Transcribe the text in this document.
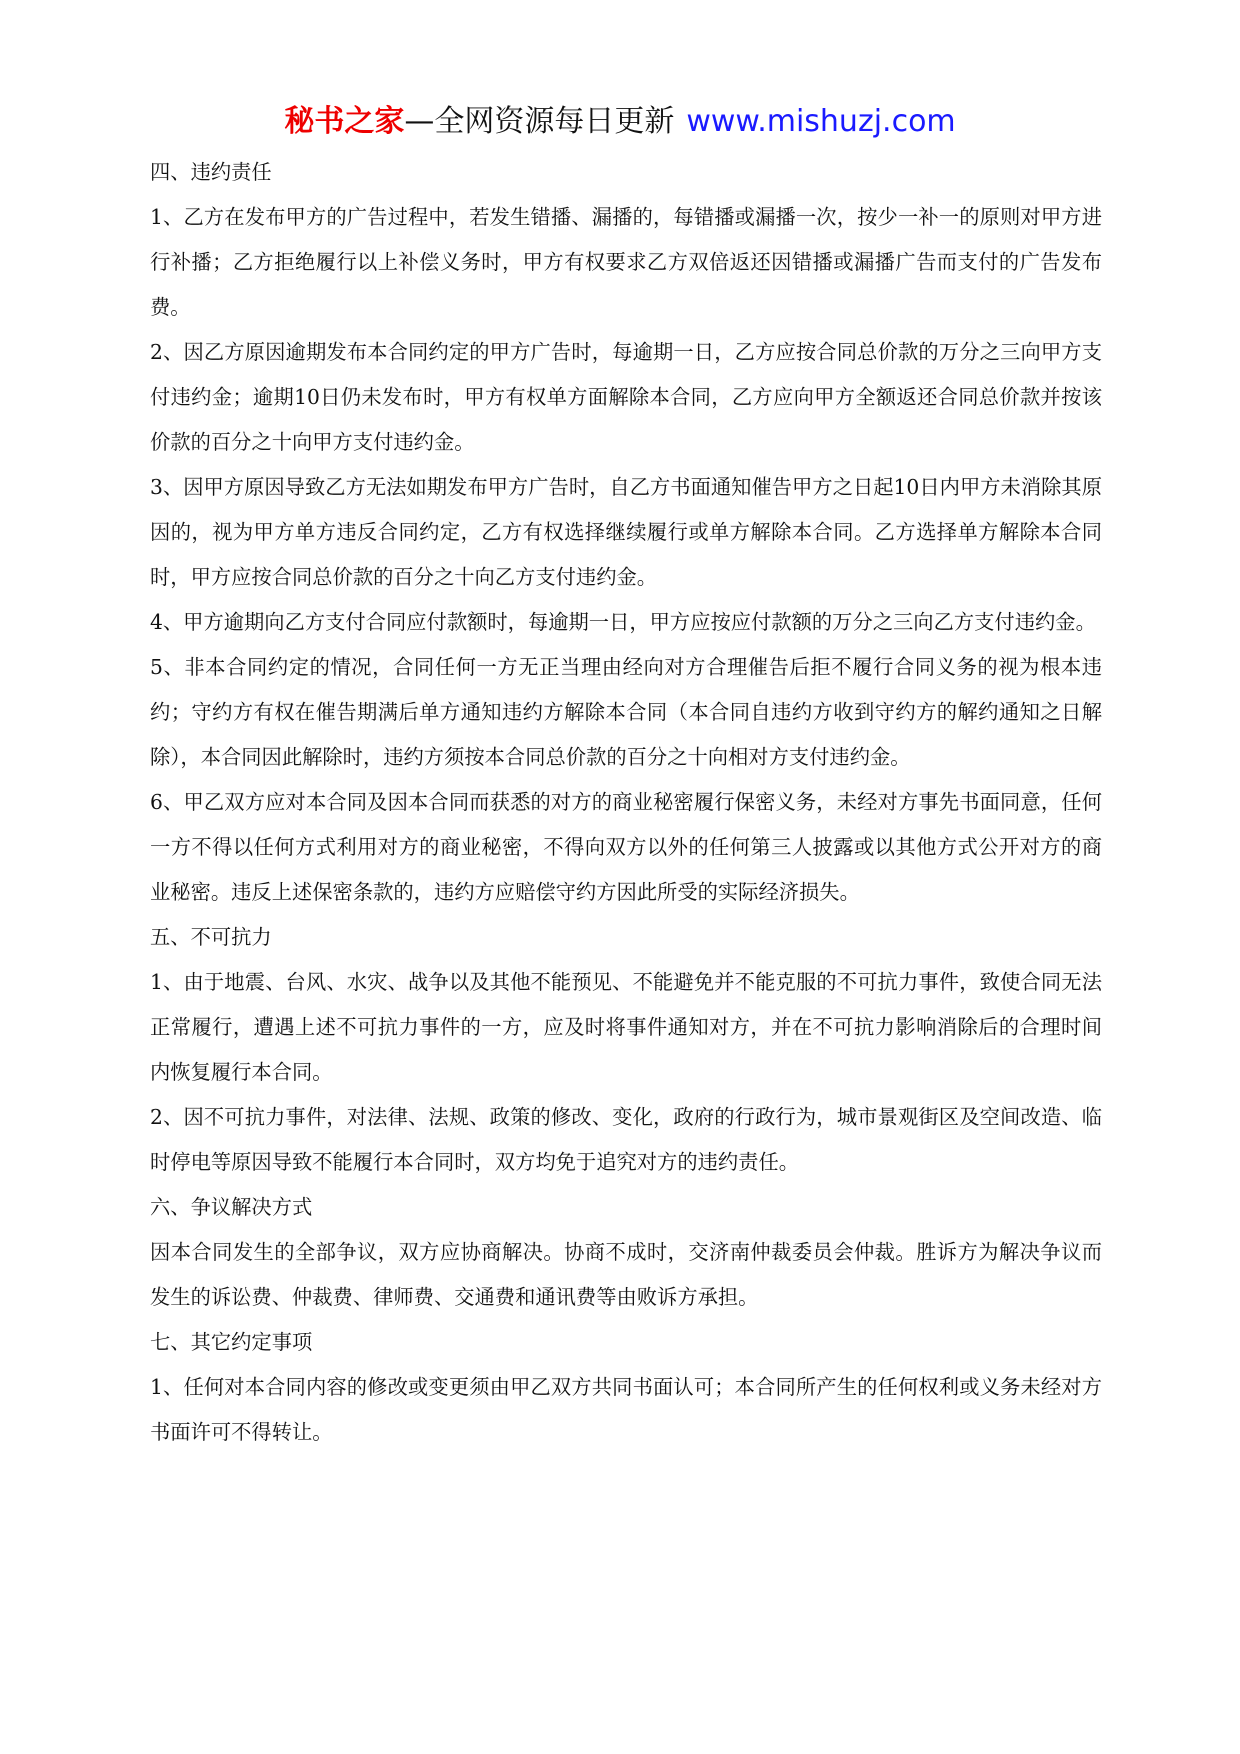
秘书之家—全网资源每日更新 www.mishuzj.com

四、违约责任

1、乙方在发布甲方的广告过程中，若发生错播、漏播的，每错播或漏播一次，按少一补一的原则对甲方进行补播；乙方拒绝履行以上补偿义务时，甲方有权要求乙方双倍返还因错播或漏播广告而支付的广告发布费。

2、因乙方原因逾期发布本合同约定的甲方广告时，每逾期一日，乙方应按合同总价款的万分之三向甲方支付违约金；逾期10日仍未发布时，甲方有权单方面解除本合同，乙方应向甲方全额返还合同总价款并按该价款的百分之十向甲方支付违约金。

3、因甲方原因导致乙方无法如期发布甲方广告时，自乙方书面通知催告甲方之日起10日内甲方未消除其原因的，视为甲方单方违反合同约定，乙方有权选择继续履行或单方解除本合同。乙方选择单方解除本合同时，甲方应按合同总价款的百分之十向乙方支付违约金。

4、甲方逾期向乙方支付合同应付款额时，每逾期一日，甲方应按应付款额的万分之三向乙方支付违约金。

5、非本合同约定的情况，合同任何一方无正当理由经向对方合理催告后拒不履行合同义务的视为根本违约；守约方有权在催告期满后单方通知违约方解除本合同（本合同自违约方收到守约方的解约通知之日解除），本合同因此解除时，违约方须按本合同总价款的百分之十向相对方支付违约金。

6、甲乙双方应对本合同及因本合同而获悉的对方的商业秘密履行保密义务，未经对方事先书面同意，任何一方不得以任何方式利用对方的商业秘密，不得向双方以外的任何第三人披露或以其他方式公开对方的商业秘密。违反上述保密条款的，违约方应赔偿守约方因此所受的实际经济损失。

五、不可抗力

1、由于地震、台风、水灾、战争以及其他不能预见、不能避免并不能克服的不可抗力事件，致使合同无法正常履行，遭遇上述不可抗力事件的一方，应及时将事件通知对方，并在不可抗力影响消除后的合理时间内恢复履行本合同。

2、因不可抗力事件，对法律、法规、政策的修改、变化，政府的行政行为，城市景观街区及空间改造、临时停电等原因导致不能履行本合同时，双方均免于追究对方的违约责任。

六、争议解决方式

因本合同发生的全部争议，双方应协商解决。协商不成时，交济南仲裁委员会仲裁。胜诉方为解决争议而发生的诉讼费、仲裁费、律师费、交通费和通讯费等由败诉方承担。

七、其它约定事项

1、任何对本合同内容的修改或变更须由甲乙双方共同书面认可；本合同所产生的任何权利或义务未经对方书面许可不得转让。
